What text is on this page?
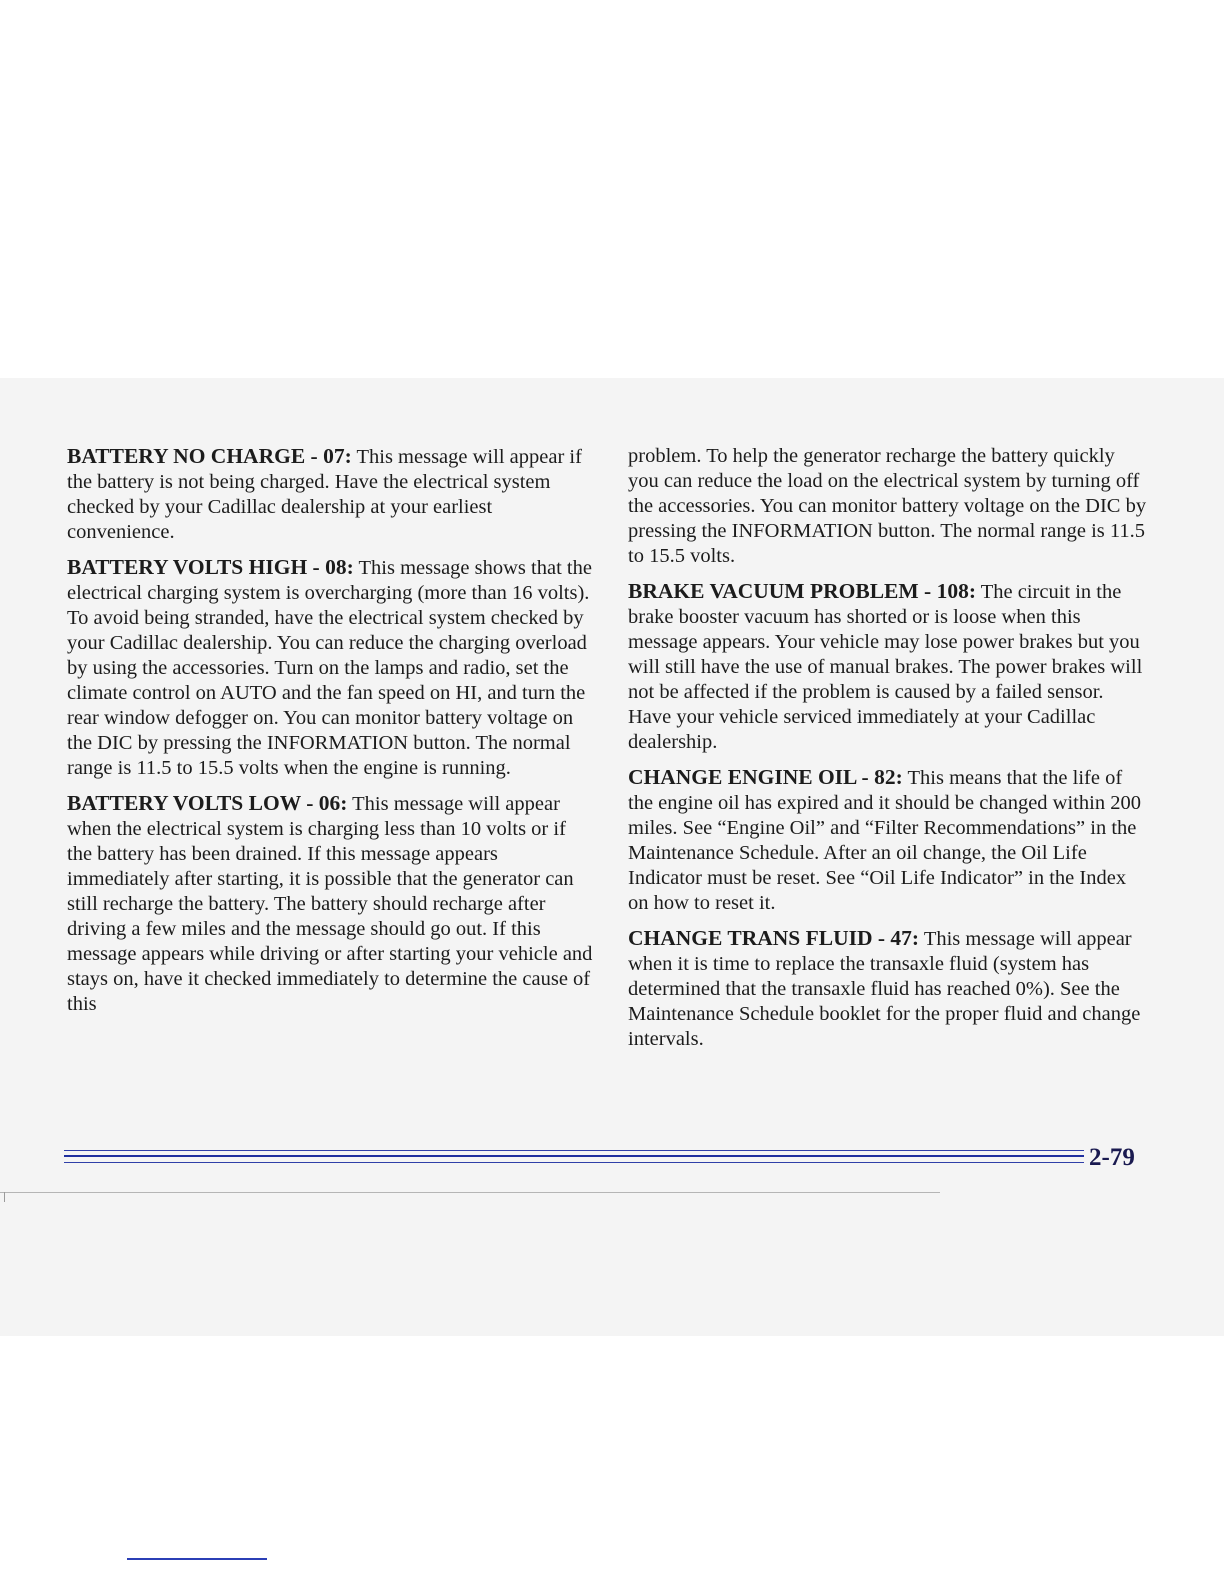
BATTERY NO CHARGE - 07: This message will appear if the battery is not being charged. Have the electrical system checked by your Cadillac dealership at your earliest convenience.

BATTERY VOLTS HIGH - 08: This message shows that the electrical charging system is overcharging (more than 16 volts). To avoid being stranded, have the electrical system checked by your Cadillac dealership. You can reduce the charging overload by using the accessories. Turn on the lamps and radio, set the climate control on AUTO and the fan speed on HI, and turn the rear window defogger on. You can monitor battery voltage on the DIC by pressing the INFORMATION button. The normal range is 11.5 to 15.5 volts when the engine is running.

BATTERY VOLTS LOW - 06: This message will appear when the electrical system is charging less than 10 volts or if the battery has been drained. If this message appears immediately after starting, it is possible that the generator can still recharge the battery. The battery should recharge after driving a few miles and the message should go out. If this message appears while driving or after starting your vehicle and stays on, have it checked immediately to determine the cause of this

problem. To help the generator recharge the battery quickly you can reduce the load on the electrical system by turning off the accessories. You can monitor battery voltage on the DIC by pressing the INFORMATION button. The normal range is 11.5 to 15.5 volts.

BRAKE VACUUM PROBLEM - 108: The circuit in the brake booster vacuum has shorted or is loose when this message appears. Your vehicle may lose power brakes but you will still have the use of manual brakes. The power brakes will not be affected if the problem is caused by a failed sensor. Have your vehicle serviced immediately at your Cadillac dealership.

CHANGE ENGINE OIL - 82: This means that the life of the engine oil has expired and it should be changed within 200 miles. See “Engine Oil” and “Filter Recommendations” in the Maintenance Schedule. After an oil change, the Oil Life Indicator must be reset. See “Oil Life Indicator” in the Index on how to reset it.

CHANGE TRANS FLUID - 47: This message will appear when it is time to replace the transaxle fluid (system has determined that the transaxle fluid has reached 0%). See the Maintenance Schedule booklet for the proper fluid and change intervals.

2-79
